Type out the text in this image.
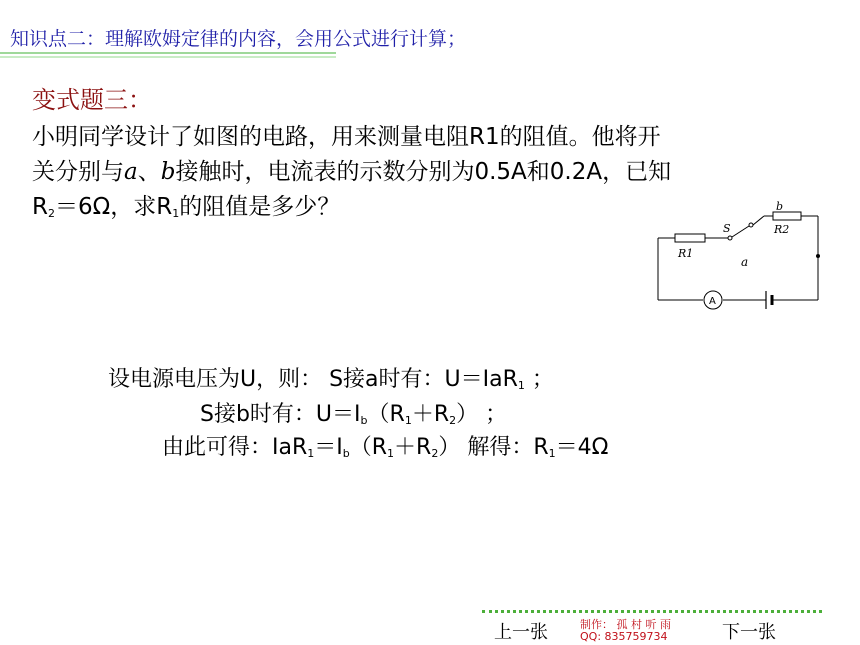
知识点二：理解欧姆定律的内容，会用公式进行计算；
变式题三：
小明同学设计了如图的电路，用来测量电阻R1的阻值。他将开
关分别与a、b接触时，电流表的示数分别为0.5A和0.2A，已知
$R_2=6\Omega$，求$R_1$的阻值是多少？
S
b
R2
R1
a
A
设电源电压为U，则： S接a时有：U＝IaR$_1$ ；
S接b时有：$U=I_b(R_1+R_2)$ ；
由此可得：$IaR_1=I_b(R_1+R_2)$ 解得：$R_1=4\Omega$
上一张	制作： 孤 村 听 雨
QQ: 835759734	下一张
